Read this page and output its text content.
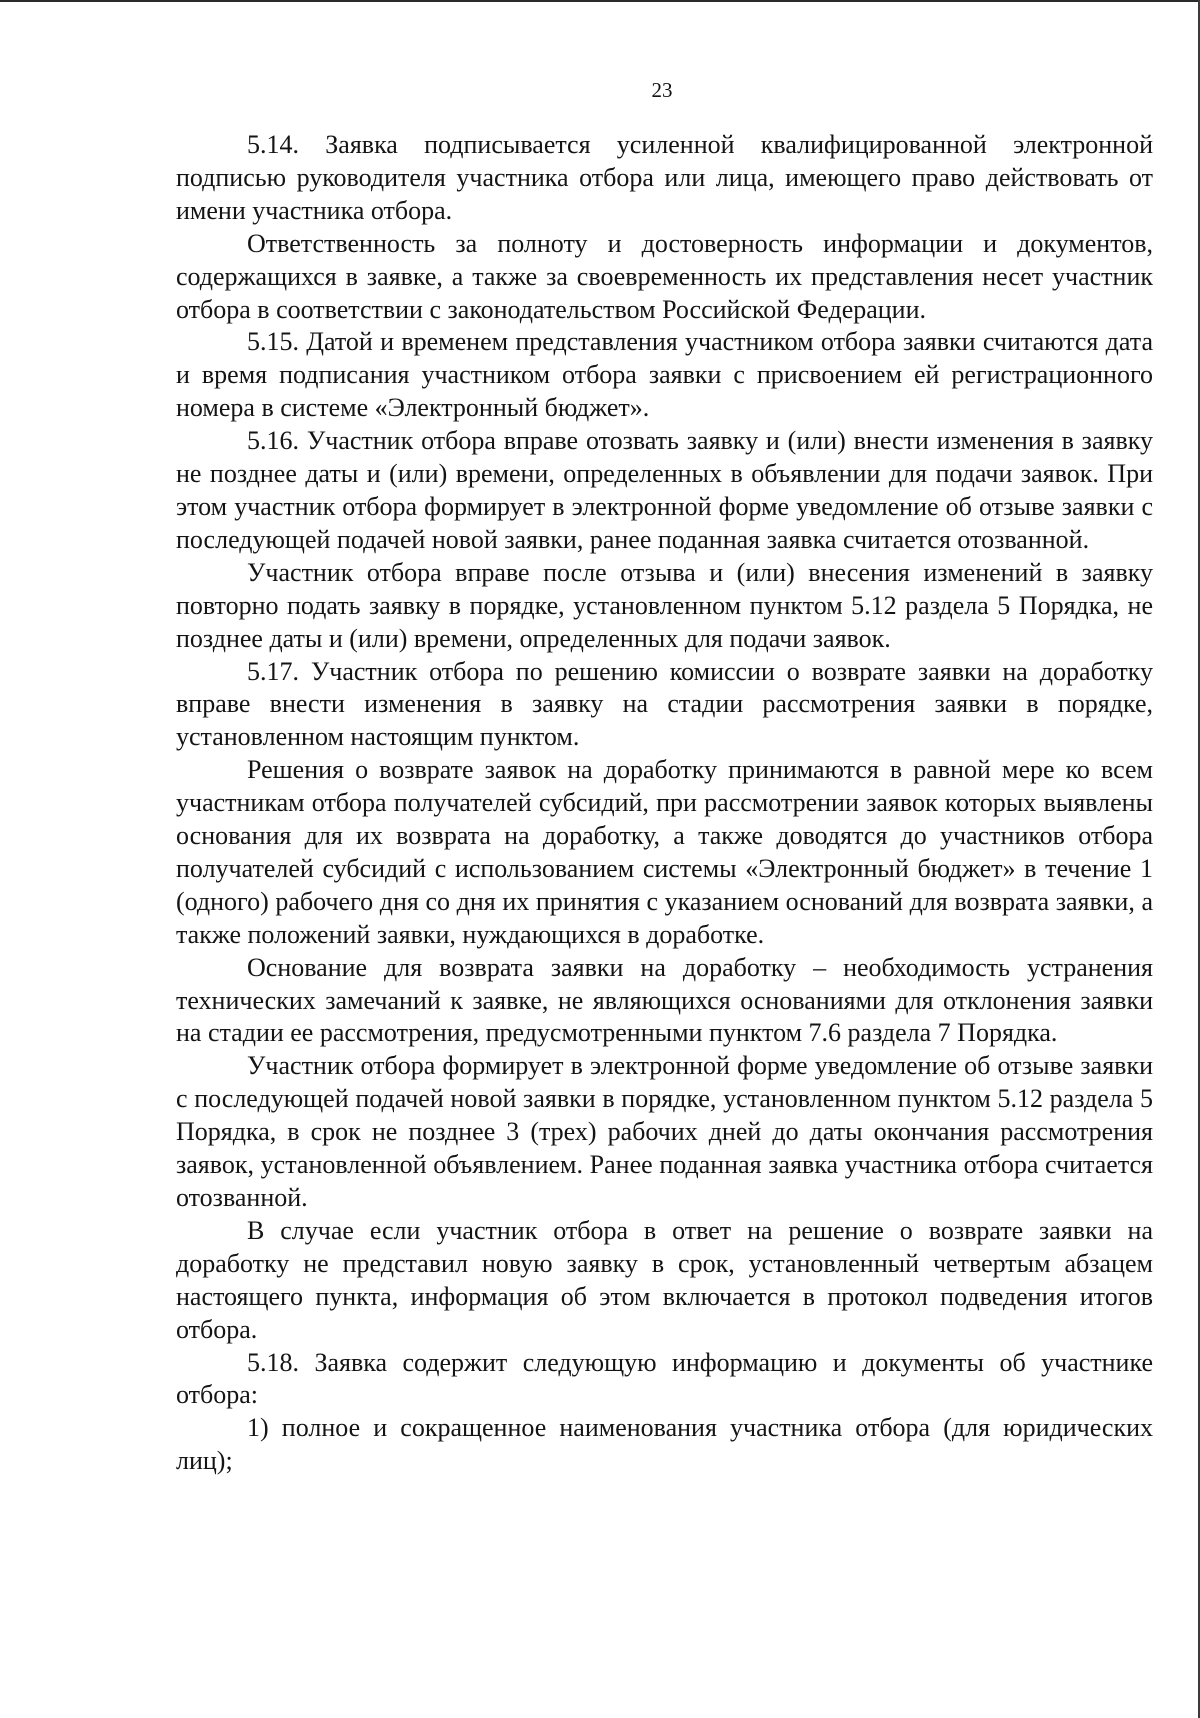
23

5.14. Заявка подписывается усиленной квалифицированной электронной подписью руководителя участника отбора или лица, имеющего право действовать от имени участника отбора.

Ответственность за полноту и достоверность информации и документов, содержащихся в заявке, а также за своевременность их представления несет участник отбора в соответствии с законодательством Российской Федерации.

5.15. Датой и временем представления участником отбора заявки считаются дата и время подписания участником отбора заявки с присвоением ей регистрационного номера в системе «Электронный бюджет».

5.16. Участник отбора вправе отозвать заявку и (или) внести изменения в заявку не позднее даты и (или) времени, определенных в объявлении для подачи заявок. При этом участник отбора формирует в электронной форме уведомление об отзыве заявки с последующей подачей новой заявки, ранее поданная заявка считается отозванной.

Участник отбора вправе после отзыва и (или) внесения изменений в заявку повторно подать заявку в порядке, установленном пунктом 5.12 раздела 5 Порядка, не позднее даты и (или) времени, определенных для подачи заявок.

5.17. Участник отбора по решению комиссии о возврате заявки на доработку вправе внести изменения в заявку на стадии рассмотрения заявки в порядке, установленном настоящим пунктом.

Решения о возврате заявок на доработку принимаются в равной мере ко всем участникам отбора получателей субсидий, при рассмотрении заявок которых выявлены основания для их возврата на доработку, а также доводятся до участников отбора получателей субсидий с использованием системы «Электронный бюджет» в течение 1 (одного) рабочего дня со дня их принятия с указанием оснований для возврата заявки, а также положений заявки, нуждающихся в доработке.

Основание для возврата заявки на доработку – необходимость устранения технических замечаний к заявке, не являющихся основаниями для отклонения заявки на стадии ее рассмотрения, предусмотренными пунктом 7.6 раздела 7 Порядка.

Участник отбора формирует в электронной форме уведомление об отзыве заявки с последующей подачей новой заявки в порядке, установленном пунктом 5.12 раздела 5 Порядка, в срок не позднее 3 (трех) рабочих дней до даты окончания рассмотрения заявок, установленной объявлением. Ранее поданная заявка участника отбора считается отозванной.

В случае если участник отбора в ответ на решение о возврате заявки на доработку не представил новую заявку в срок, установленный четвертым абзацем настоящего пункта, информация об этом включается в протокол подведения итогов отбора.

5.18. Заявка содержит следующую информацию и документы об участнике отбора:

1) полное и сокращенное наименования участника отбора (для юридических лиц);
